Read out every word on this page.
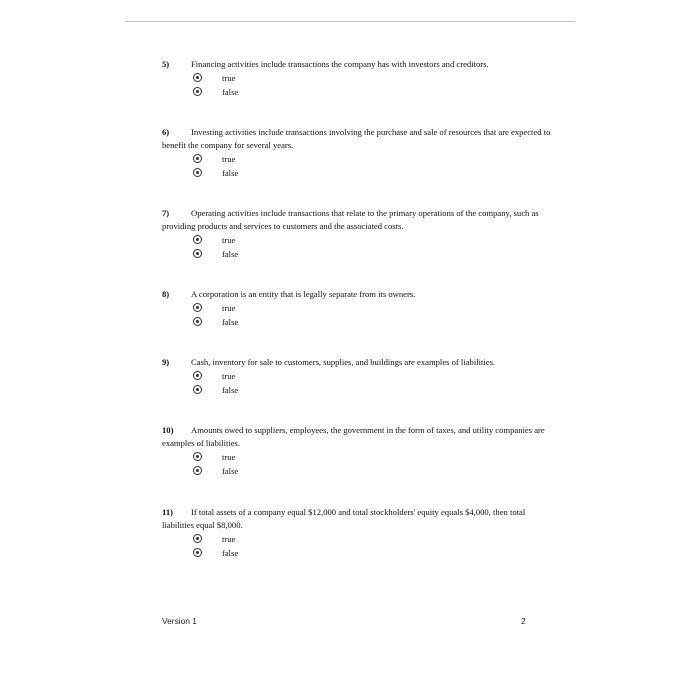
5)	Financing activities include transactions the company has with investors and creditors.

true
false

6)	Investing activities include transactions involving the purchase and sale of resources that are expected to benefit the company for several years.

true
false

7)	Operating activities include transactions that relate to the primary operations of the company, such as providing products and services to customers and the associated costs.

true
false

8)	A corporation is an entity that is legally separate from its owners.

true
false

9)	Cash, inventory for sale to customers, supplies, and buildings are examples of liabilities.

true
false

10) Amounts owed to suppliers, employees, the government in the form of taxes, and utility companies are examples of liabilities.

true
false

11) If total assets of a company equal $12,000 and total stockholders' equity equals $4,000, then total liabilities equal $8,000.

true
false
Version 1	2
